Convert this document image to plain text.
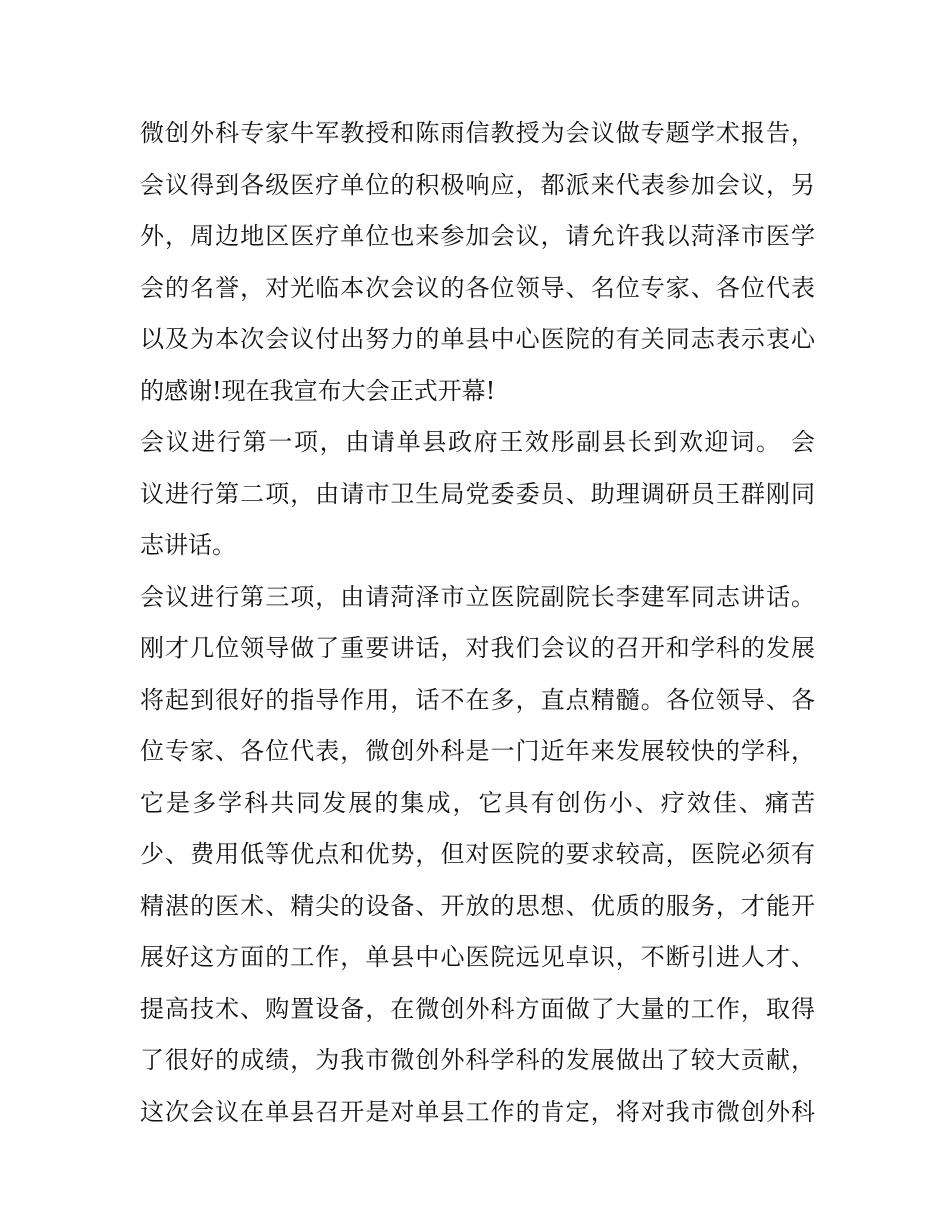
微创外科专家牛军教授和陈雨信教授为会议做专题学术报告，
会议得到各级医疗单位的积极响应，都派来代表参加会议，另
外，周边地区医疗单位也来参加会议，请允许我以菏泽市医学
会的名誉，对光临本次会议的各位领导、名位专家、各位代表
以及为本次会议付出努力的单县中心医院的有关同志表示衷心
的感谢!现在我宣布大会正式开幕!
会议进行第一项，由请单县政府王效彤副县长到欢迎词。 会
议进行第二项，由请市卫生局党委委员、助理调研员王群刚同
志讲话。
会议进行第三项，由请菏泽市立医院副院长李建军同志讲话。
刚才几位领导做了重要讲话，对我们会议的召开和学科的发展
将起到很好的指导作用，话不在多，直点精髓。各位领导、各
位专家、各位代表，微创外科是一门近年来发展较快的学科，
它是多学科共同发展的集成，它具有创伤小、疗效佳、痛苦
少、费用低等优点和优势，但对医院的要求较高，医院必须有
精湛的医术、精尖的设备、开放的思想、优质的服务，才能开
展好这方面的工作，单县中心医院远见卓识，不断引进人才、
提高技术、购置设备，在微创外科方面做了大量的工作，取得
了很好的成绩，为我市微创外科学科的发展做出了较大贡献，
这次会议在单县召开是对单县工作的肯定，将对我市微创外科
